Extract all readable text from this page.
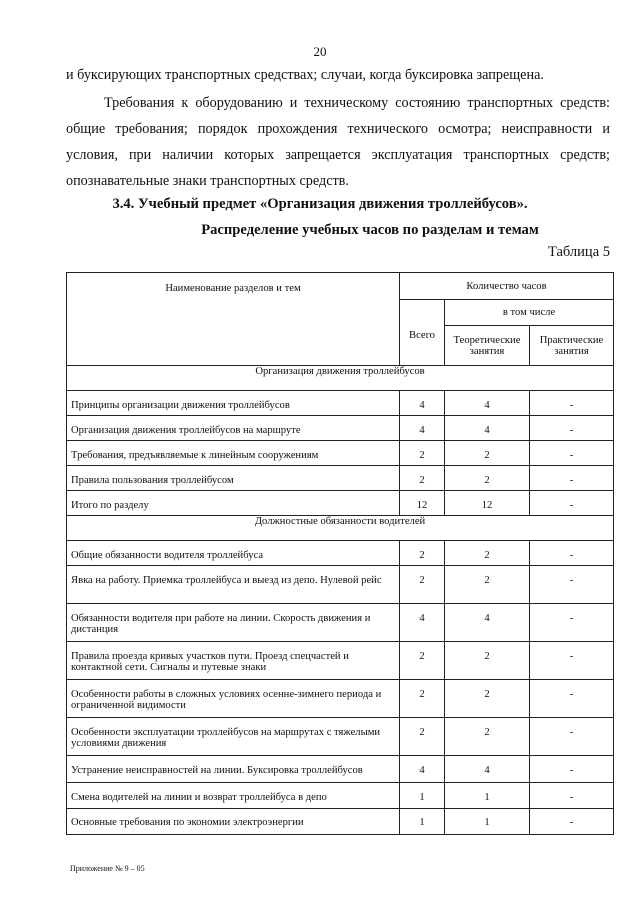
20

и буксирующих транспортных средствах; случаи, когда буксировка запрещена.

Требования к оборудованию и техническому состоянию транспортных средств: общие требования; порядок прохождения технического осмотра; неисправности и условия, при наличии которых запрещается эксплуатация транспортных средств; опознавательные знаки транспортных средств.

3.4. Учебный предмет «Организация движения троллейбусов».
Распределение учебных часов по разделам и темам
Таблица 5
Наименование разделов и тем	Количество часов		
	Всего	в том числе	
		Теоретические занятия	Практические занятия
Организация движения троллейбусов			
Принципы организации движения троллейбусов	4	4	-
Организация движения троллейбусов на маршруте	4	4	-
Требования, предъявляемые к линейным сооружениям	2	2	-
Правила пользования троллейбусом	2	2	-
Итого по разделу	12	12	-
Должностные обязанности водителей			
Общие обязанности водителя троллейбуса	2	2	-
Явка на работу. Приемка троллейбуса и выезд из депо. Нулевой рейс	2	2	-
Обязанности водителя при работе на линии. Скорость движения и дистанция	4	4	-
Правила проезда кривых участков пути. Проезд спецчастей и контактной сети. Сигналы и путевые знаки	2	2	-
Особенности работы в сложных условиях осенне-зимнего периода и ограниченной видимости	2	2	-
Особенности эксплуатации троллейбусов на маршрутах с тяжелыми условиями движения	2	2	-
Устранение неисправностей на линии. Буксировка троллейбусов	4	4	-
Смена водителей на линии и возврат троллейбуса в депо	1	1	-
Основные требования по экономии электроэнергии	1	1	-
Приложение № 9 – 05
